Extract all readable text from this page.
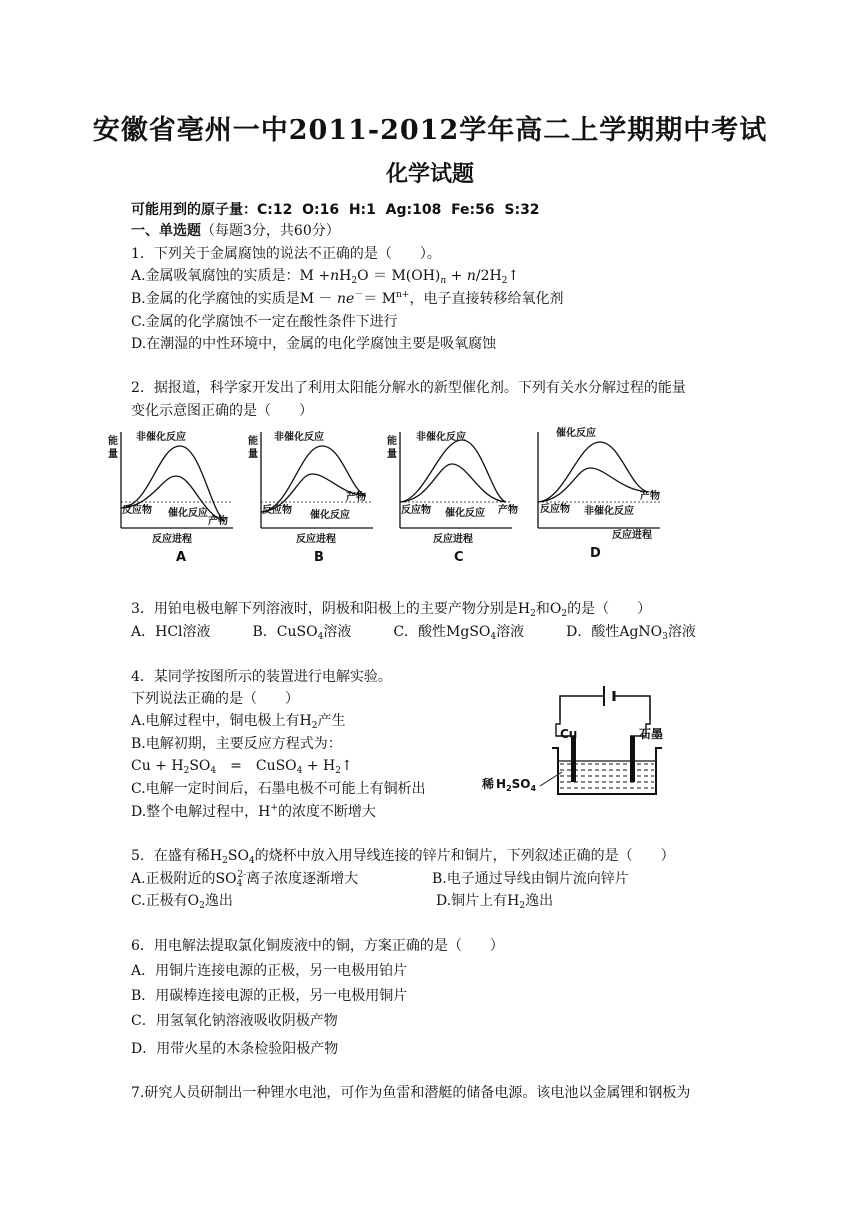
安徽省亳州一中2011-2012学年高二上学期期中考试
化学试题
可能用到的原子量：C:12  O:16  H:1  Ag:108  Fe:56  S:32
一、单选题（每题3分，共60分）
1．下列关于金属腐蚀的说法不正确的是（　　）。
A.金属吸氧腐蚀的实质是：$M +nH_2O = M(OH)_n$ + $n/2H_2↑$
B.金属的化学腐蚀的实质是$M - ne^-= M^{n+}$，电子直接转移给氧化剂
C.金属的化学腐蚀不一定在酸性条件下进行
D.在潮湿的中性环境中，金属的电化学腐蚀主要是吸氧腐蚀
2．据报道，科学家开发出了利用太阳能分解水的新型催化剂。下列有关水分解过程的能量
变化示意图正确的是（　　）
能
量
非催化反应
催化反应
反应物
产物
反应进程
A
能
量
非催化反应
催化反应
反应物
产物
反应进程
B
能
量
非催化反应
催化反应
反应物	产物
反应进程
C
催化反应
非催化反应
反应物
产物
反应进程
D
3．用铂电极电解下列溶液时，阴极和阳极上的主要产物分别是$H_2$和$O_2$的是（　　）
A．HCl溶液　　　B．CuSO$_4$溶液　　　C．酸性MgSO$_4$溶液　　　D．酸性AgNO$_3$溶液
4．某同学按图所示的装置进行电解实验。
下列说法正确的是（　　）
A.电解过程中，铜电极上有$H_2$产生
B.电解初期，主要反应方程式为：
$Cu + H_2SO_4$　=　CuSO$_4$ + $H_2↑$
C.电解一定时间后，石墨电极不可能上有铜析出
D.整个电解过程中，H+的浓度不断增大
Cu	石墨
稀 $H_2SO_4$
5．在盛有稀$H_2SO_4$的烧杯中放入用导线连接的锌片和铜片，下列叙述正确的是（　　）
A.正极附近的$SO_4^{2-}$离子浓度逐渐增大	B.电子通过导线由铜片流向锌片
C.正极有$O_2$逸出	D.铜片上有$H_2$逸出
6．用电解法提取氯化铜废液中的铜，方案正确的是（　　）
A．用铜片连接电源的正极，另一电极用铂片
B．用碳棒连接电源的正极，另一电极用铜片
C．用氢氧化钠溶液吸收阴极产物
D．用带火星的木条检验阳极产物
7.研究人员研制出一种锂水电池，可作为鱼雷和潜艇的储备电源。该电池以金属锂和钢板为
